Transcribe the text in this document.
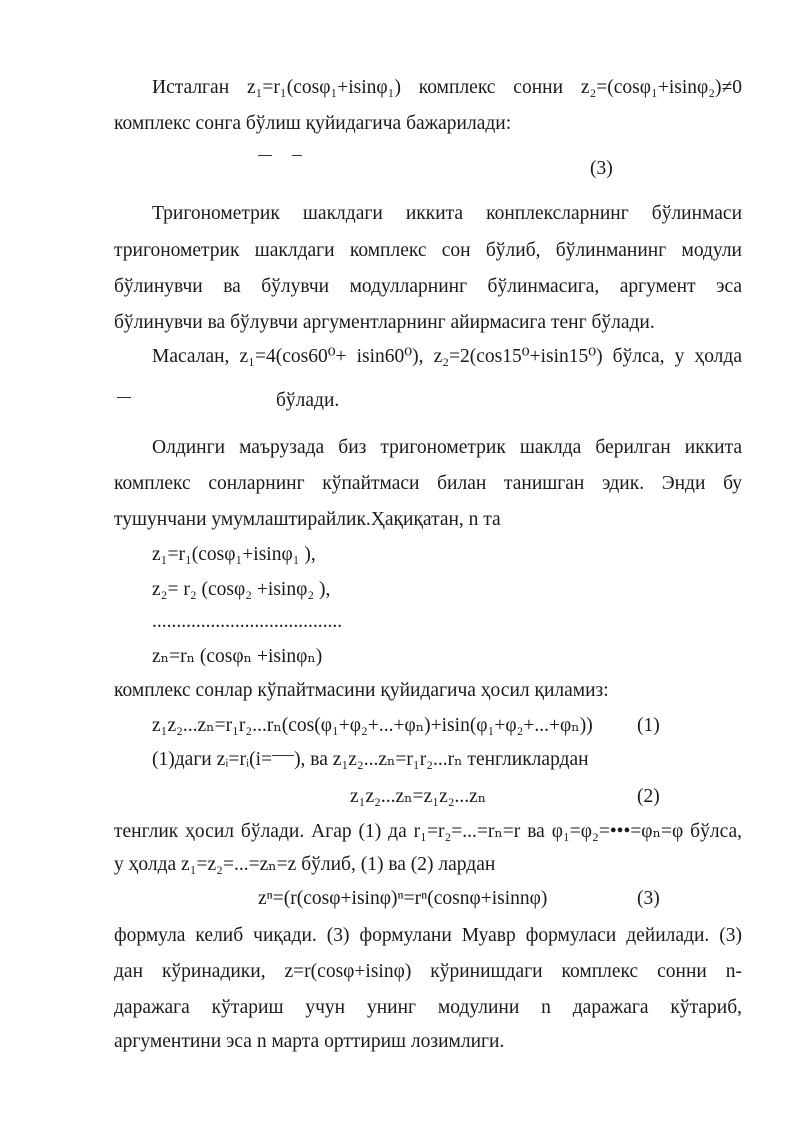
Исталган z₁=r₁(cosφ₁+isinφ₁) комплекс сонни z₂=(cosφ₁+isinφ₂)≠0
комплекс сонга бўлиш қуйидагича бажарилади:
(3)
Тригонометрик шаклдаги иккита конплексларнинг бўлинмаси
тригонометрик шаклдаги комплекс сон бўлиб, бўлинманинг модули
бўлинувчи ва бўлувчи модулларнинг бўлинмасига, аргумент эса
бўлинувчи ва бўлувчи аргументларнинг айирмасига тенг бўлади.
Масалан, z₁=4(cos60⁰+ isin60⁰), z₂=2(cos15⁰+isin15⁰) бўлса, у ҳолда
бўлади.
Олдинги маърузада биз тригонометрик шаклда берилган иккита
комплекс сонларнинг кўпайтмаси билан танишган эдик. Энди бу
тушунчани умумлаштирайлик.Ҳақиқатан, n та
z₁=r₁(cosφ₁+isinφ₁ ),
z₂= r₂ (cosφ₂ +isinφ₂ ),
.......................................
zₙ=rₙ (cosφₙ +isinφₙ)
комплекс сонлар кўпайтмасини қуйидагича ҳосил қиламиз:
z₁z₂...zₙ=r₁r₂...rₙ(cos(φ₁+φ₂+...+φₙ)+isin(φ₁+φ₂+...+φₙ))	(1)
(1)даги zᵢ=rᵢ(i= ), ва z₁z₂...zₙ=r₁r₂...rₙ тенгликлардан
z₁z₂...zₙ=z₁z₂...zₙ	(2)
тенглик ҳосил бўлади. Агар (1) да r₁=r₂=...=rₙ=r ва φ₁=φ₂=•••=φₙ=φ бўлса,
у ҳолда z₁=z₂=...=zₙ=z бўлиб, (1) ва (2) лардан
zⁿ=(r(cosφ+isinφ)ⁿ=rⁿ(cosnφ+isinnφ)	(3)
формула келиб чиқади. (3) формулани Муавр формуласи дейилади. (3)
дан кўринадики, z=r(cosφ+isinφ) кўринишдаги комплекс сонни n-
даражага кўтариш учун унинг модулини n даражага кўтариб,
аргументини эса n марта орттириш лозимлиги.
